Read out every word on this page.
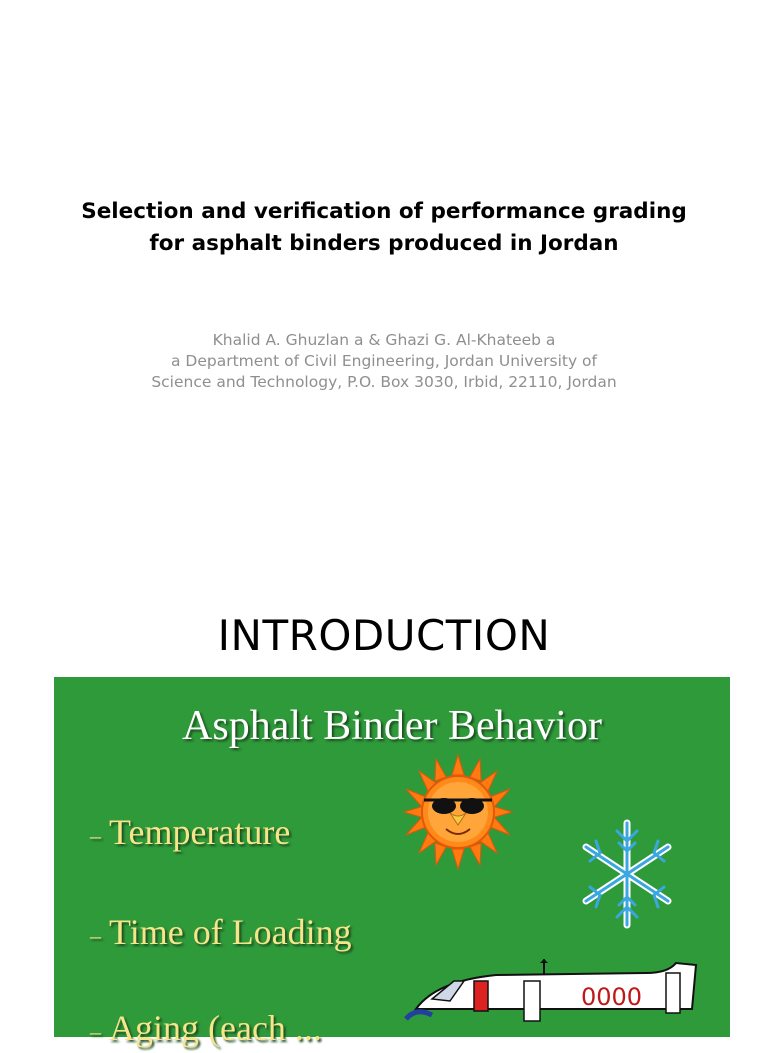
Selection and verification of performance grading
for asphalt binders produced in Jordan
Khalid A. Ghuzlan a & Ghazi G. Al-Khateeb a
a Department of Civil Engineering, Jordan University of
Science and Technology, P.O. Box 3030, Irbid, 22110, Jordan
INTRODUCTION
Asphalt Binder Behavior
– Temperature
– Time of Loading
– Aging (each ...
0000
